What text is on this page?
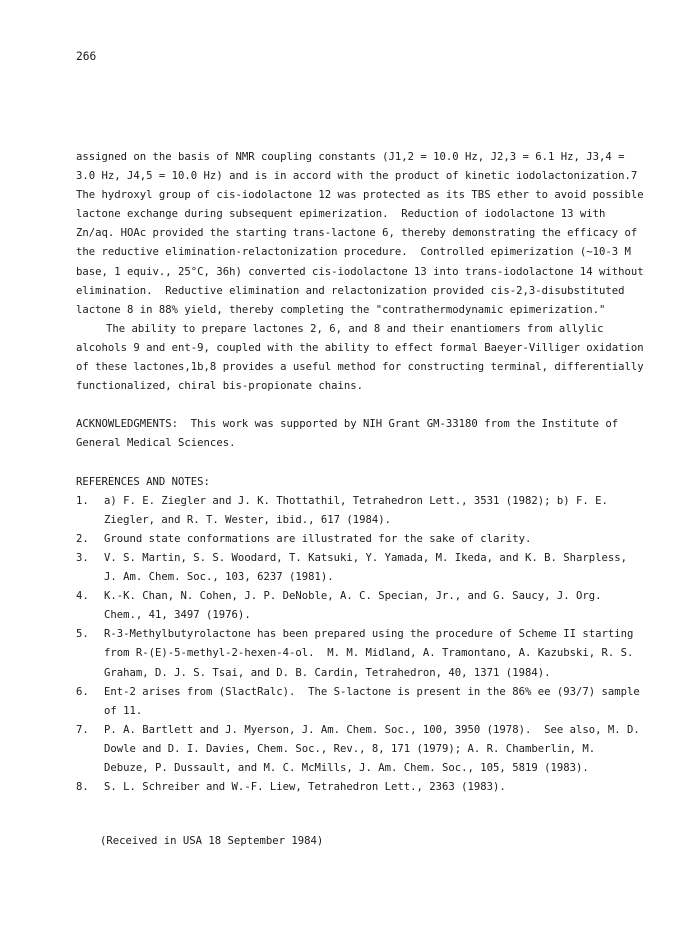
266
assigned on the basis of NMR coupling constants (J1,2 = 10.0 Hz, J2,3 = 6.1 Hz, J3,4 =
3.0 Hz, J4,5 = 10.0 Hz) and is in accord with the product of kinetic iodolactonization.7
The hydroxyl group of cis-iodolactone 12 was protected as its TBS ether to avoid possible
lactone exchange during subsequent epimerization.  Reduction of iodolactone 13 with
Zn/aq. HOAc provided the starting trans-lactone 6, thereby demonstrating the efficacy of
the reductive elimination-relactonization procedure.  Controlled epimerization (~10-3 M
base, 1 equiv., 25°C, 36h) converted cis-iodolactone 13 into trans-iodolactone 14 without
elimination.  Reductive elimination and relactonization provided cis-2,3-disubstituted
lactone 8 in 88% yield, thereby completing the "contrathermodynamic epimerization."
The ability to prepare lactones 2, 6, and 8 and their enantiomers from allylic
alcohols 9 and ent-9, coupled with the ability to effect formal Baeyer-Villiger oxidation
of these lactones,1b,8 provides a useful method for constructing terminal, differentially
functionalized, chiral bis-propionate chains.
ACKNOWLEDGMENTS:  This work was supported by NIH Grant GM-33180 from the Institute of
General Medical Sciences.
REFERENCES AND NOTES:
1.	a) F. E. Ziegler and J. K. Thottathil, Tetrahedron Lett., 3531 (1982); b) F. E.
Ziegler, and R. T. Wester, ibid., 617 (1984).
2.	Ground state conformations are illustrated for the sake of clarity.
3.	V. S. Martin, S. S. Woodard, T. Katsuki, Y. Yamada, M. Ikeda, and K. B. Sharpless,
J. Am. Chem. Soc., 103, 6237 (1981).
4.	K.-K. Chan, N. Cohen, J. P. DeNoble, A. C. Specian, Jr., and G. Saucy, J. Org.
Chem., 41, 3497 (1976).
5.	R-3-Methylbutyrolactone has been prepared using the procedure of Scheme II starting
from R-(E)-5-methyl-2-hexen-4-ol.  M. M. Midland, A. Tramontano, A. Kazubski, R. S.
Graham, D. J. S. Tsai, and D. B. Cardin, Tetrahedron, 40, 1371 (1984).
6.	Ent-2 arises from (SlactRalc).  The S-lactone is present in the 86% ee (93/7) sample
of 11.
7.	P. A. Bartlett and J. Myerson, J. Am. Chem. Soc., 100, 3950 (1978).  See also, M. D.
Dowle and D. I. Davies, Chem. Soc., Rev., 8, 171 (1979); A. R. Chamberlin, M.
Debuze, P. Dussault, and M. C. McMills, J. Am. Chem. Soc., 105, 5819 (1983).
8.	S. L. Schreiber and W.-F. Liew, Tetrahedron Lett., 2363 (1983).
(Received in USA 18 September 1984)
